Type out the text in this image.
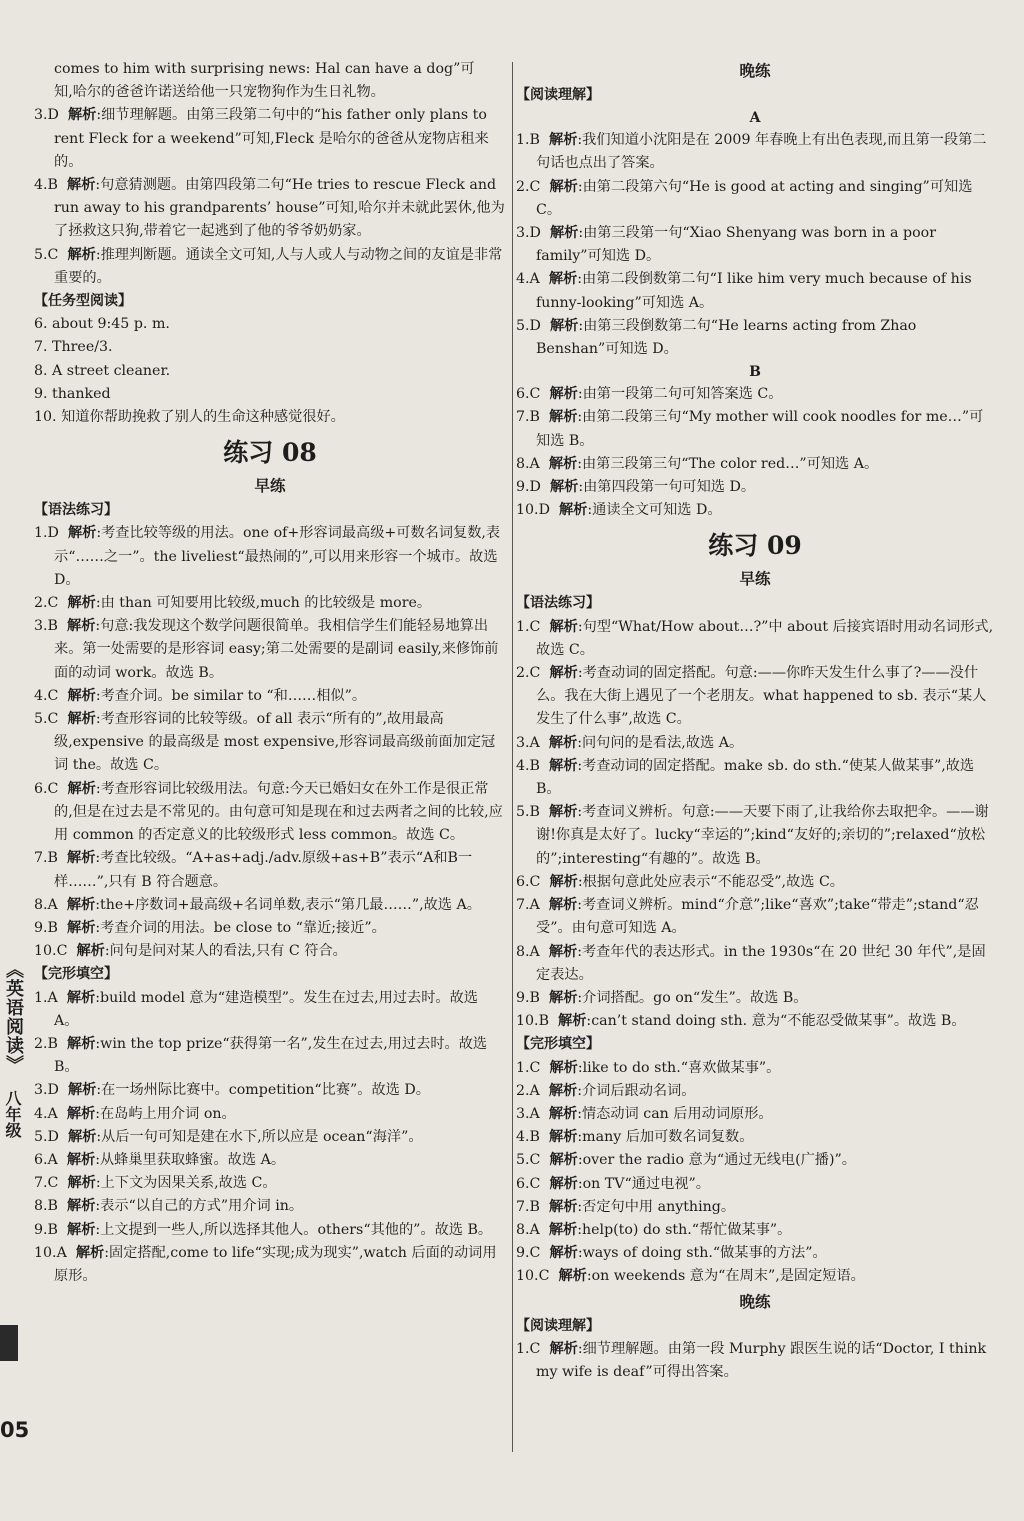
comes to him with surprising news: Hal can have a dog”可
知,哈尔的爸爸许诺送给他一只宠物狗作为生日礼物。
3.D 解析:细节理解题。由第三段第二句中的“his father only plans to rent Fleck for a weekend”可知,Fleck 是哈尔的爸爸从宠物店租来的。
4.B 解析:句意猜测题。由第四段第二句“He tries to rescue Fleck and run away to his grandparents’ house”可知,哈尔并未就此罢休,他为了拯救这只狗,带着它一起逃到了他的爷爷奶奶家。
5.C 解析:推理判断题。通读全文可知,人与人或人与动物之间的友谊是非常重要的。
【任务型阅读】
6. about 9:45 p. m.
7. Three/3.
8. A street cleaner.
9. thanked
10. 知道你帮助挽救了别人的生命这种感觉很好。
练习 08
早练
【语法练习】
1.D 解析:考查比较等级的用法。one of+形容词最高级+可数名词复数,表示“……之一”。the liveliest“最热闹的”,可以用来形容一个城市。故选 D。
2.C 解析:由 than 可知要用比较级,much 的比较级是 more。
3.B 解析:句意:我发现这个数学问题很简单。我相信学生们能轻易地算出来。第一处需要的是形容词 easy;第二处需要的是副词 easily,来修饰前面的动词 work。故选 B。
4.C 解析:考查介词。be similar to “和……相似”。
5.C 解析:考查形容词的比较等级。of all 表示“所有的”,故用最高级,expensive 的最高级是 most expensive,形容词最高级前面加定冠词 the。故选 C。
6.C 解析:考查形容词比较级用法。句意:今天已婚妇女在外工作是很正常的,但是在过去是不常见的。由句意可知是现在和过去两者之间的比较,应用 common 的否定意义的比较级形式 less common。故选 C。
7.B 解析:考查比较级。“A+as+adj./adv.原级+as+B”表示“A和B一样……”,只有 B 符合题意。
8.A 解析:the+序数词+最高级+名词单数,表示“第几最……”,故选 A。
9.B 解析:考查介词的用法。be close to “靠近;接近”。
10.C 解析:问句是问对某人的看法,只有 C 符合。
【完形填空】
1.A 解析:build model 意为“建造模型”。发生在过去,用过去时。故选 A。
2.B 解析:win the top prize“获得第一名”,发生在过去,用过去时。故选 B。
3.D 解析:在一场州际比赛中。competition“比赛”。故选 D。
4.A 解析:在岛屿上用介词 on。
5.D 解析:从后一句可知是建在水下,所以应是 ocean“海洋”。
6.A 解析:从蜂巢里获取蜂蜜。故选 A。
7.C 解析:上下文为因果关系,故选 C。
8.B 解析:表示“以自己的方式”用介词 in。
9.B 解析:上文提到一些人,所以选择其他人。others“其他的”。故选 B。
10.A 解析:固定搭配,come to life“实现;成为现实”,watch 后面的动词用原形。
晚练
【阅读理解】
A
1.B 解析:我们知道小沈阳是在 2009 年春晚上有出色表现,而且第一段第二句话也点出了答案。
2.C 解析:由第二段第六句“He is good at acting and singing”可知选 C。
3.D 解析:由第三段第一句“Xiao Shenyang was born in a poor family”可知选 D。
4.A 解析:由第二段倒数第二句“I like him very much because of his funny-looking”可知选 A。
5.D 解析:由第三段倒数第二句“He learns acting from Zhao Benshan”可知选 D。
B
6.C 解析:由第一段第二句可知答案选 C。
7.B 解析:由第二段第三句“My mother will cook noodles for me…”可知选 B。
8.A 解析:由第三段第三句“The color red…”可知选 A。
9.D 解析:由第四段第一句可知选 D。
10.D 解析:通读全文可知选 D。
练习 09
早练
【语法练习】
1.C 解析:句型“What/How about…?”中 about 后接宾语时用动名词形式,故选 C。
2.C 解析:考查动词的固定搭配。句意:——你昨天发生什么事了?——没什么。我在大街上遇见了一个老朋友。what happened to sb. 表示“某人发生了什么事”,故选 C。
3.A 解析:问句问的是看法,故选 A。
4.B 解析:考查动词的固定搭配。make sb. do sth.“使某人做某事”,故选 B。
5.B 解析:考查词义辨析。句意:——天要下雨了,让我给你去取把伞。——谢谢!你真是太好了。lucky“幸运的”;kind“友好的;亲切的”;relaxed“放松的”;interesting“有趣的”。故选 B。
6.C 解析:根据句意此处应表示“不能忍受”,故选 C。
7.A 解析:考查词义辨析。mind“介意”;like“喜欢”;take“带走”;stand“忍受”。由句意可知选 A。
8.A 解析:考查年代的表达形式。in the 1930s“在 20 世纪 30 年代”,是固定表达。
9.B 解析:介词搭配。go on“发生”。故选 B。
10.B 解析:can’t stand doing sth. 意为“不能忍受做某事”。故选 B。
【完形填空】
1.C 解析:like to do sth.“喜欢做某事”。
2.A 解析:介词后跟动名词。
3.A 解析:情态动词 can 后用动词原形。
4.B 解析:many 后加可数名词复数。
5.C 解析:over the radio 意为“通过无线电(广播)”。
6.C 解析:on TV“通过电视”。
7.B 解析:否定句中用 anything。
8.A 解析:help(to) do sth.“帮忙做某事”。
9.C 解析:ways of doing sth.“做某事的方法”。
10.C 解析:on weekends 意为“在周末”,是固定短语。
晚练
【阅读理解】
1.C 解析:细节理解题。由第一段 Murphy 跟医生说的话“Doctor, I think my wife is deaf”可得出答案。
《英语阅读》
八年级
05
